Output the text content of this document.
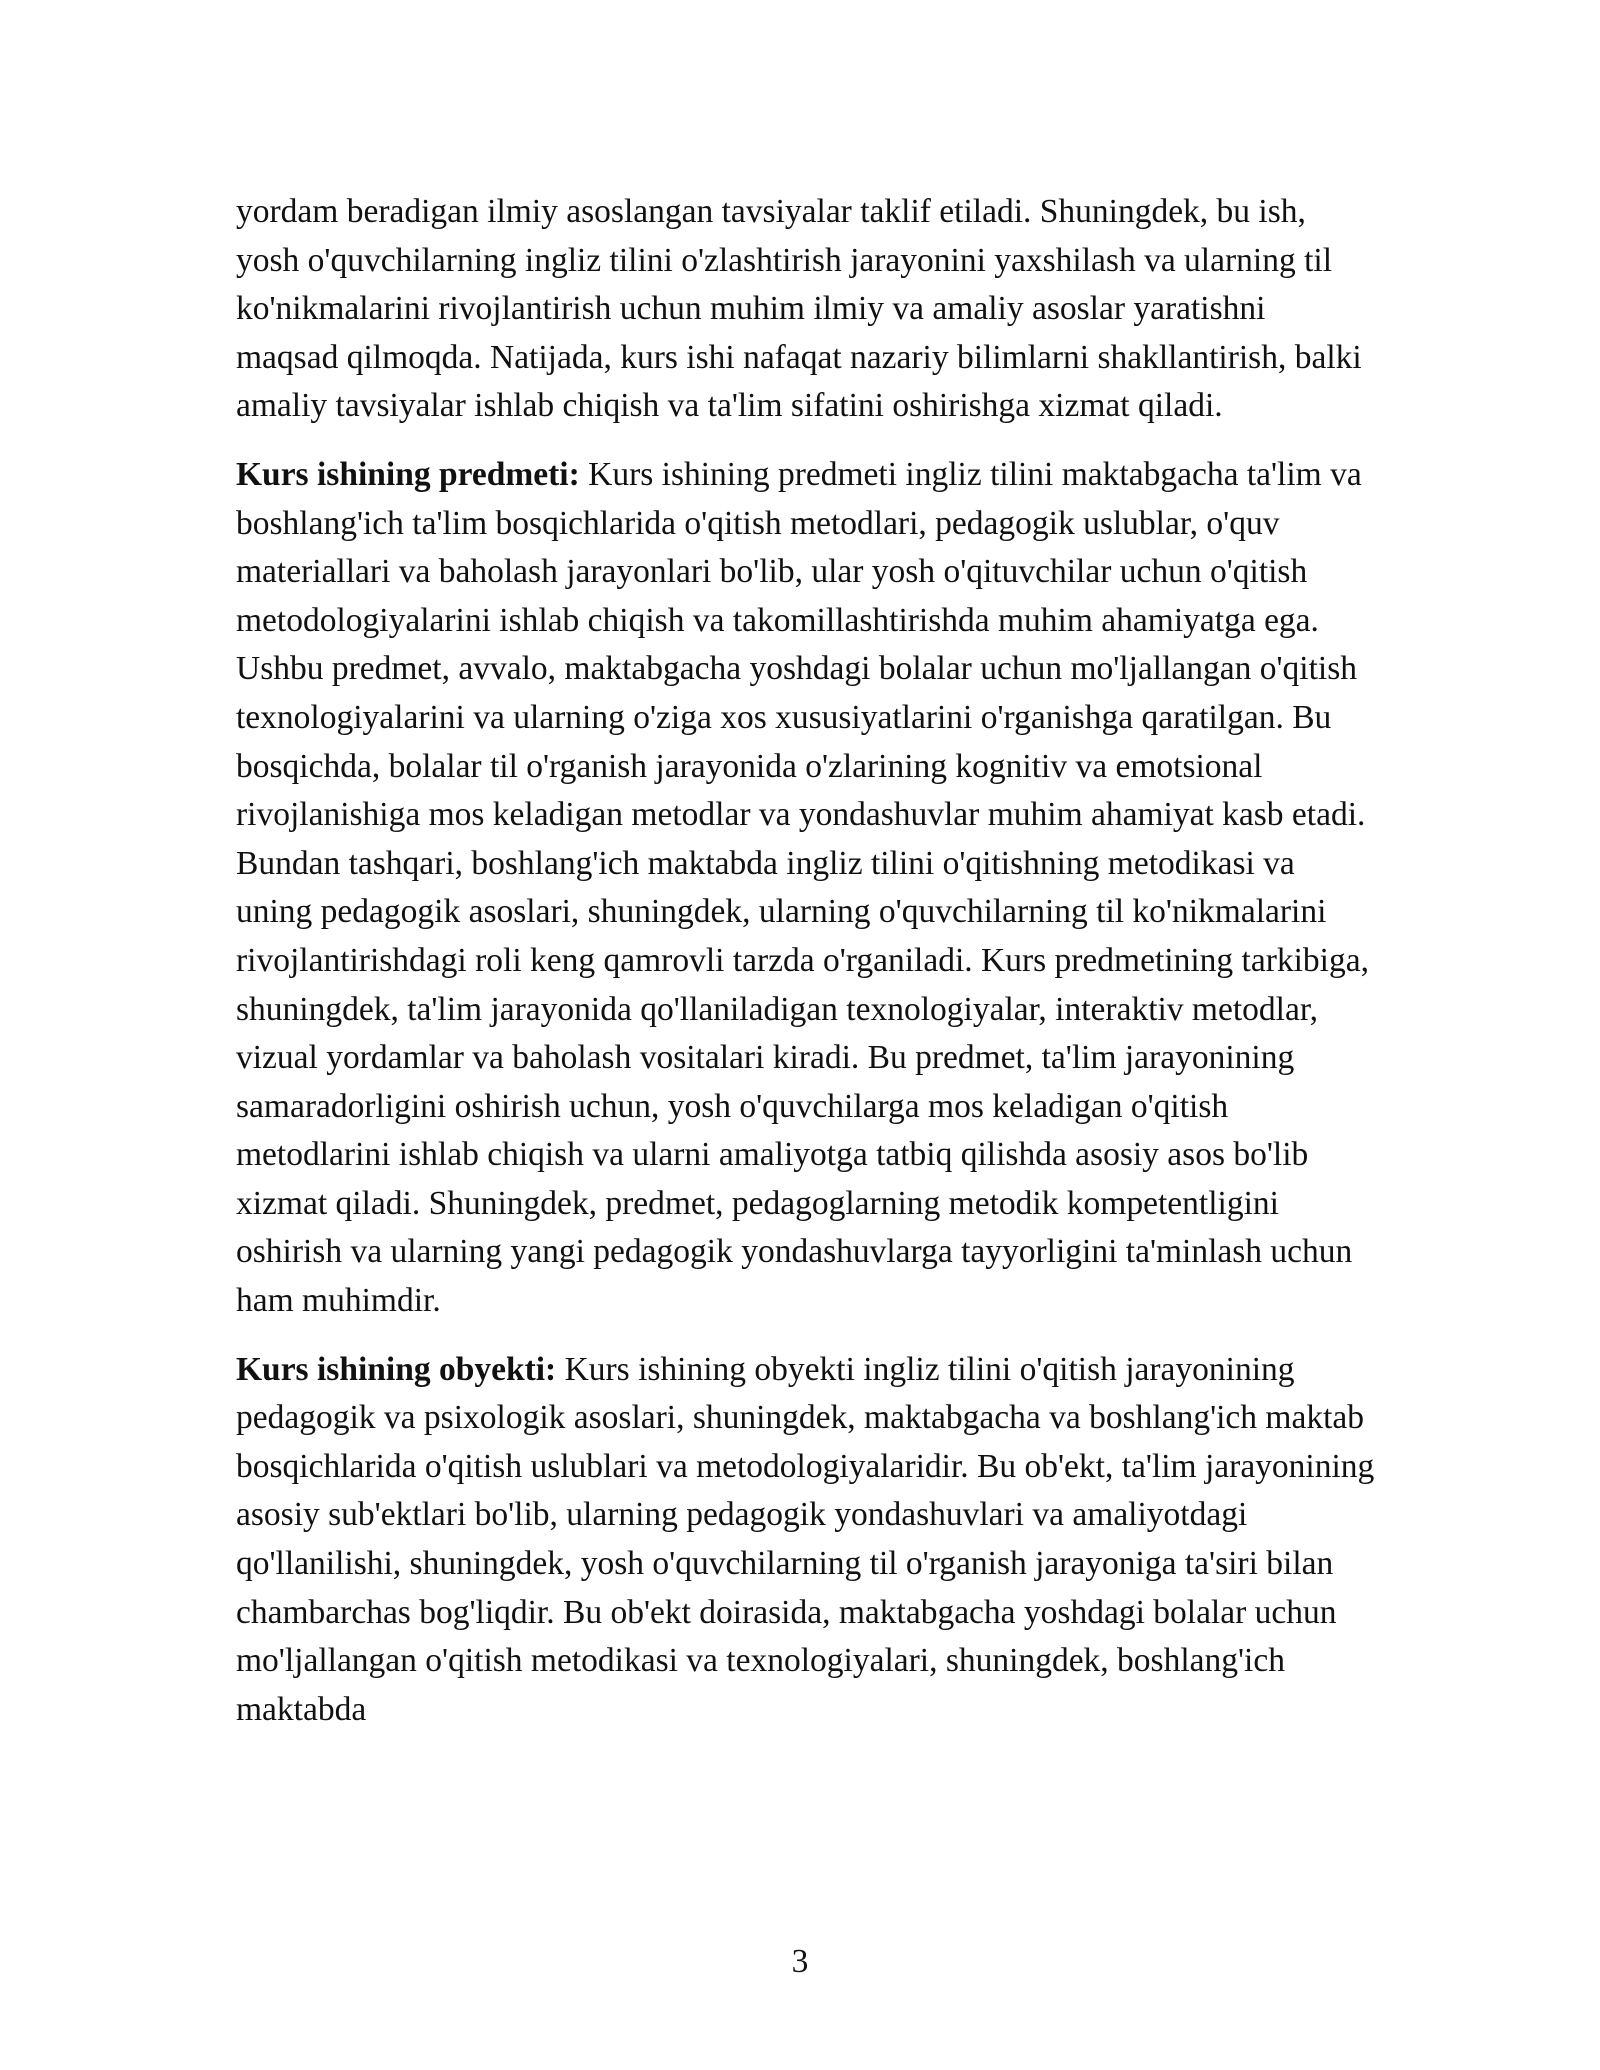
yordam beradigan ilmiy asoslangan tavsiyalar taklif etiladi. Shuningdek, bu ish, yosh o'quvchilarning ingliz tilini o'zlashtirish jarayonini yaxshilash va ularning til ko'nikmalarini rivojlantirish uchun muhim ilmiy va amaliy asoslar yaratishni maqsad qilmoqda. Natijada, kurs ishi nafaqat nazariy bilimlarni shakllantirish, balki amaliy tavsiyalar ishlab chiqish va ta'lim sifatini oshirishga xizmat qiladi.

Kurs ishining predmeti: Kurs ishining predmeti ingliz tilini maktabgacha ta'lim va boshlang'ich ta'lim bosqichlarida o'qitish metodlari, pedagogik uslublar, o'quv materiallari va baholash jarayonlari bo'lib, ular yosh o'qituvchilar uchun o'qitish metodologiyalarini ishlab chiqish va takomillashtirishda muhim ahamiyatga ega. Ushbu predmet, avvalo, maktabgacha yoshdagi bolalar uchun mo'ljallangan o'qitish texnologiyalarini va ularning o'ziga xos xususiyatlarini o'rganishga qaratilgan. Bu bosqichda, bolalar til o'rganish jarayonida o'zlarining kognitiv va emotsional rivojlanishiga mos keladigan metodlar va yondashuvlar muhim ahamiyat kasb etadi. Bundan tashqari, boshlang'ich maktabda ingliz tilini o'qitishning metodikasi va uning pedagogik asoslari, shuningdek, ularning o'quvchilarning til ko'nikmalarini rivojlantirishdagi roli keng qamrovli tarzda o'rganiladi. Kurs predmetining tarkibiga, shuningdek, ta'lim jarayonida qo'llaniladigan texnologiyalar, interaktiv metodlar, vizual yordamlar va baholash vositalari kiradi. Bu predmet, ta'lim jarayonining samaradorligini oshirish uchun, yosh o'quvchilarga mos keladigan o'qitish metodlarini ishlab chiqish va ularni amaliyotga tatbiq qilishda asosiy asos bo'lib xizmat qiladi. Shuningdek, predmet, pedagoglarning metodik kompetentligini oshirish va ularning yangi pedagogik yondashuvlarga tayyorligini ta'minlash uchun ham muhimdir.

Kurs ishining obyekti: Kurs ishining obyekti ingliz tilini o'qitish jarayonining pedagogik va psixologik asoslari, shuningdek, maktabgacha va boshlang'ich maktab bosqichlarida o'qitish uslublari va metodologiyalaridir. Bu ob'ekt, ta'lim jarayonining asosiy sub'ektlari bo'lib, ularning pedagogik yondashuvlari va amaliyotdagi qo'llanilishi, shuningdek, yosh o'quvchilarning til o'rganish jarayoniga ta'siri bilan chambarchas bog'liqdir. Bu ob'ekt doirasida, maktabgacha yoshdagi bolalar uchun mo'ljallangan o'qitish metodikasi va texnologiyalari, shuningdek, boshlang'ich maktabda

3
